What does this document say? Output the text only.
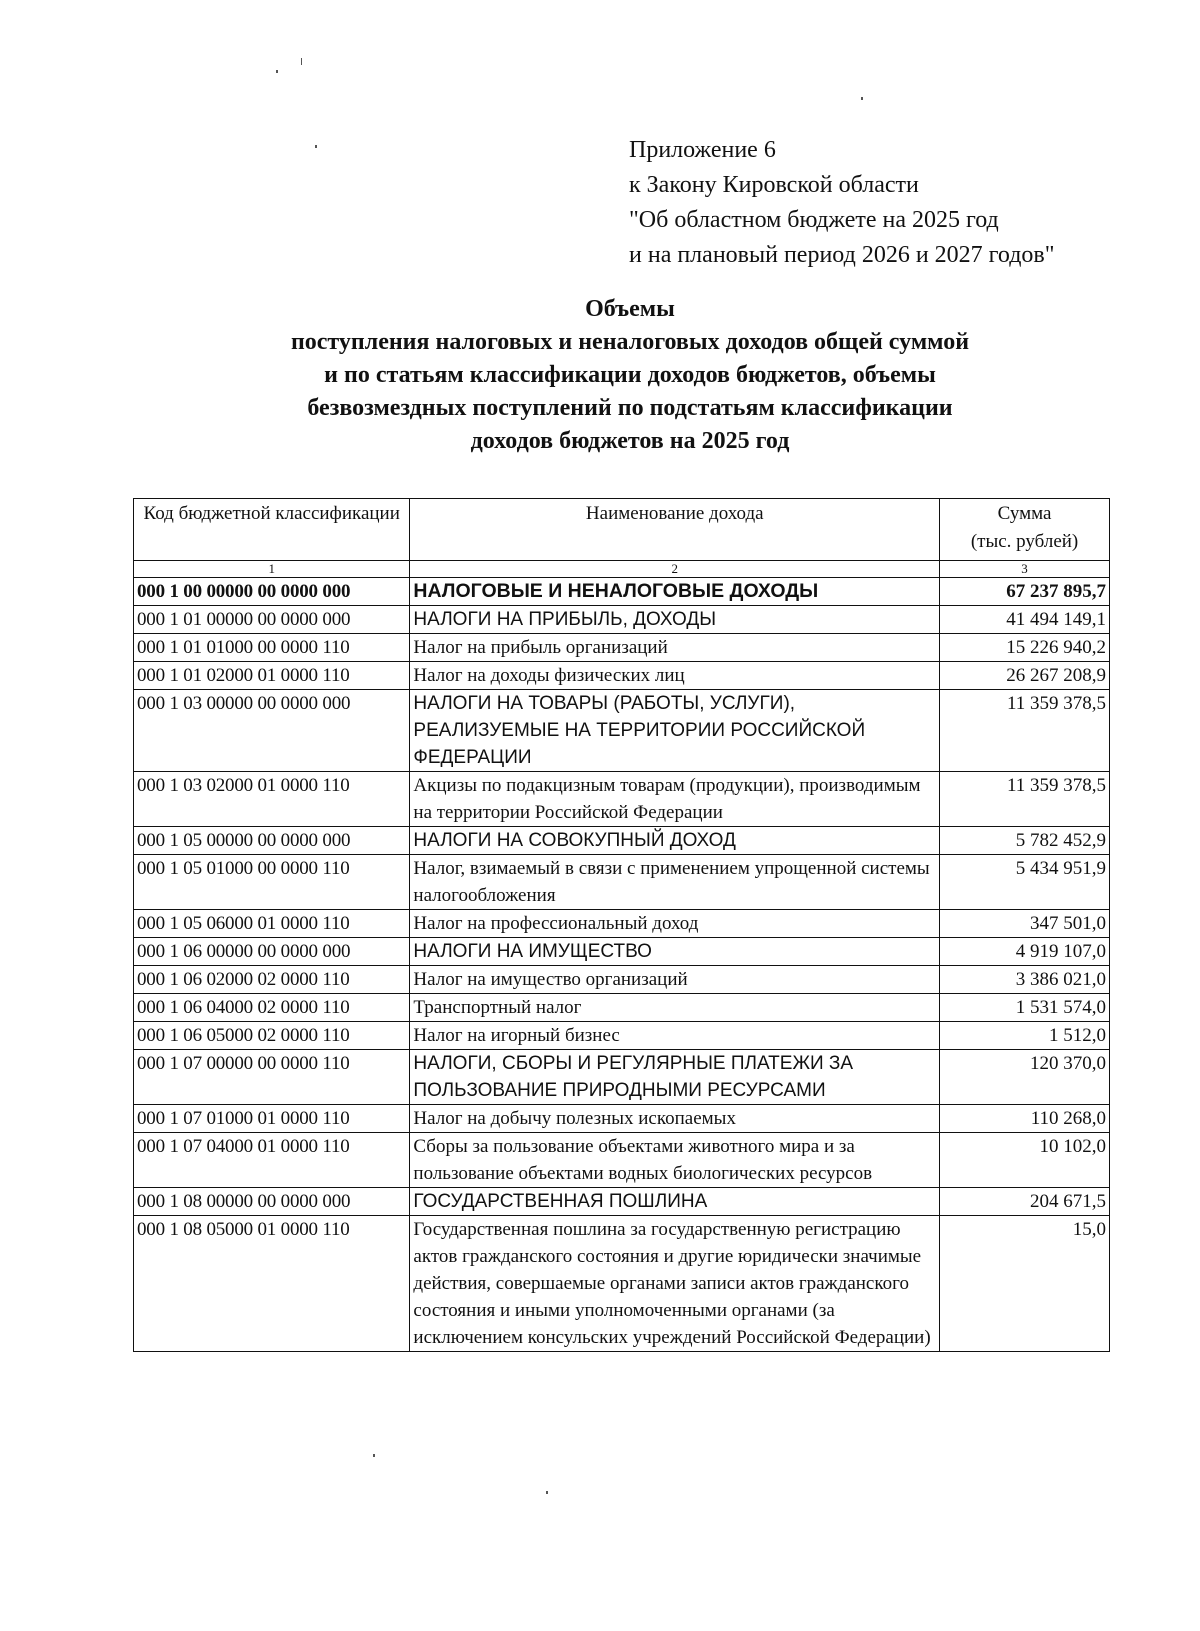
Приложение 6
к Закону Кировской области
"Об областном бюджете на 2025 год
и на плановый период 2026 и 2027 годов"
Объемы
поступления налоговых и неналоговых доходов общей суммой
и по статьям классификации доходов бюджетов, объемы
безвозмездных поступлений по подстатьям классификации
доходов бюджетов на 2025 год
Код бюджетной классификации	Наименование дохода	Сумма
(тыс. рублей)
1	2	3
000 1 00 00000 00 0000 000	НАЛОГОВЫЕ И НЕНАЛОГОВЫЕ ДОХОДЫ	67 237 895,7
000 1 01 00000 00 0000 000	НАЛОГИ НА ПРИБЫЛЬ, ДОХОДЫ	41 494 149,1
000 1 01 01000 00 0000 110	Налог на прибыль организаций	15 226 940,2
000 1 01 02000 01 0000 110	Налог на доходы физических лиц	26 267 208,9
000 1 03 00000 00 0000 000	НАЛОГИ НА ТОВАРЫ (РАБОТЫ, УСЛУГИ), РЕАЛИЗУЕМЫЕ НА ТЕРРИТОРИИ РОССИЙСКОЙ ФЕДЕРАЦИИ	11 359 378,5
000 1 03 02000 01 0000 110	Акцизы по подакцизным товарам (продукции), производимым на территории Российской Федерации	11 359 378,5
000 1 05 00000 00 0000 000	НАЛОГИ НА СОВОКУПНЫЙ ДОХОД	5 782 452,9
000 1 05 01000 00 0000 110	Налог, взимаемый в связи с применением упрощенной системы налогообложения	5 434 951,9
000 1 05 06000 01 0000 110	Налог на профессиональный доход	347 501,0
000 1 06 00000 00 0000 000	НАЛОГИ НА ИМУЩЕСТВО	4 919 107,0
000 1 06 02000 02 0000 110	Налог на имущество организаций	3 386 021,0
000 1 06 04000 02 0000 110	Транспортный налог	1 531 574,0
000 1 06 05000 02 0000 110	Налог на игорный бизнес	1 512,0
000 1 07 00000 00 0000 110	НАЛОГИ, СБОРЫ И РЕГУЛЯРНЫЕ ПЛАТЕЖИ ЗА ПОЛЬЗОВАНИЕ ПРИРОДНЫМИ РЕСУРСАМИ	120 370,0
000 1 07 01000 01 0000 110	Налог на добычу полезных ископаемых	110 268,0
000 1 07 04000 01 0000 110	Сборы за пользование объектами животного мира и за пользование объектами водных биологических ресурсов	10 102,0
000 1 08 00000 00 0000 000	ГОСУДАРСТВЕННАЯ ПОШЛИНА	204 671,5
000 1 08 05000 01 0000 110	Государственная пошлина за государственную регистрацию актов гражданского состояния и другие юридически значимые действия, совершаемые органами записи актов гражданского состояния и иными уполномоченными органами (за исключением консульских учреждений Российской Федерации)	15,0
